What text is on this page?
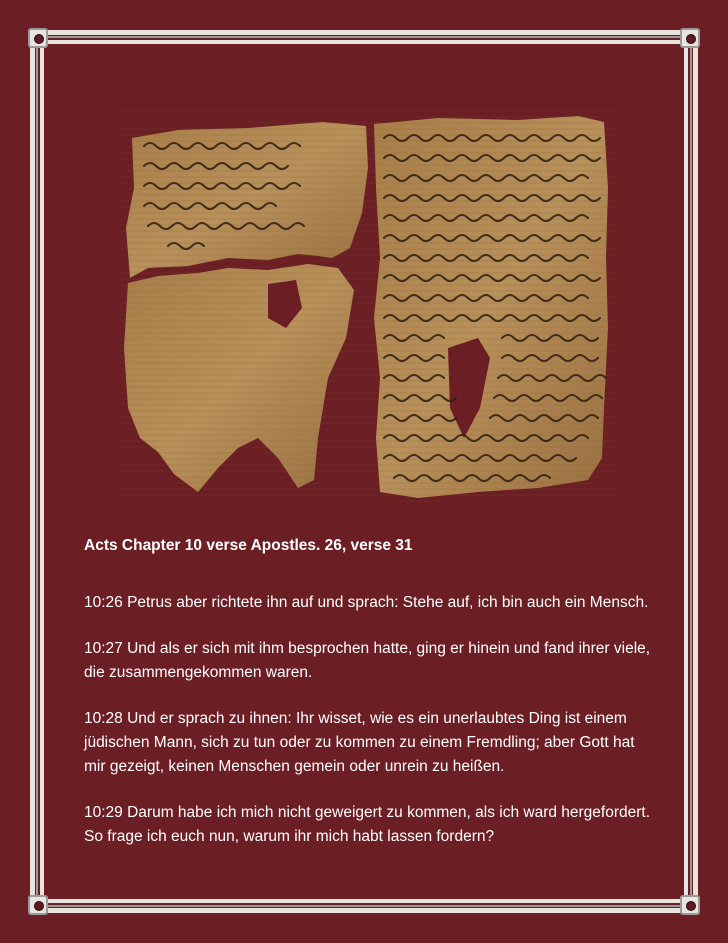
Acts Chapter 10 verse Apostles. 26, verse 31

10:26 Petrus aber richtete ihn auf und sprach: Stehe auf, ich bin auch ein Mensch.

10:27 Und als er sich mit ihm besprochen hatte, ging er hinein und fand ihrer viele, die zusammengekommen waren.

10:28 Und er sprach zu ihnen: Ihr wisset, wie es ein unerlaubtes Ding ist einem jüdischen Mann, sich zu tun oder zu kommen zu einem Fremdling; aber Gott hat mir gezeigt, keinen Menschen gemein oder unrein zu heißen.

10:29 Darum habe ich mich nicht geweigert zu kommen, als ich ward hergefordert. So frage ich euch nun, warum ihr mich habt lassen fordern?
